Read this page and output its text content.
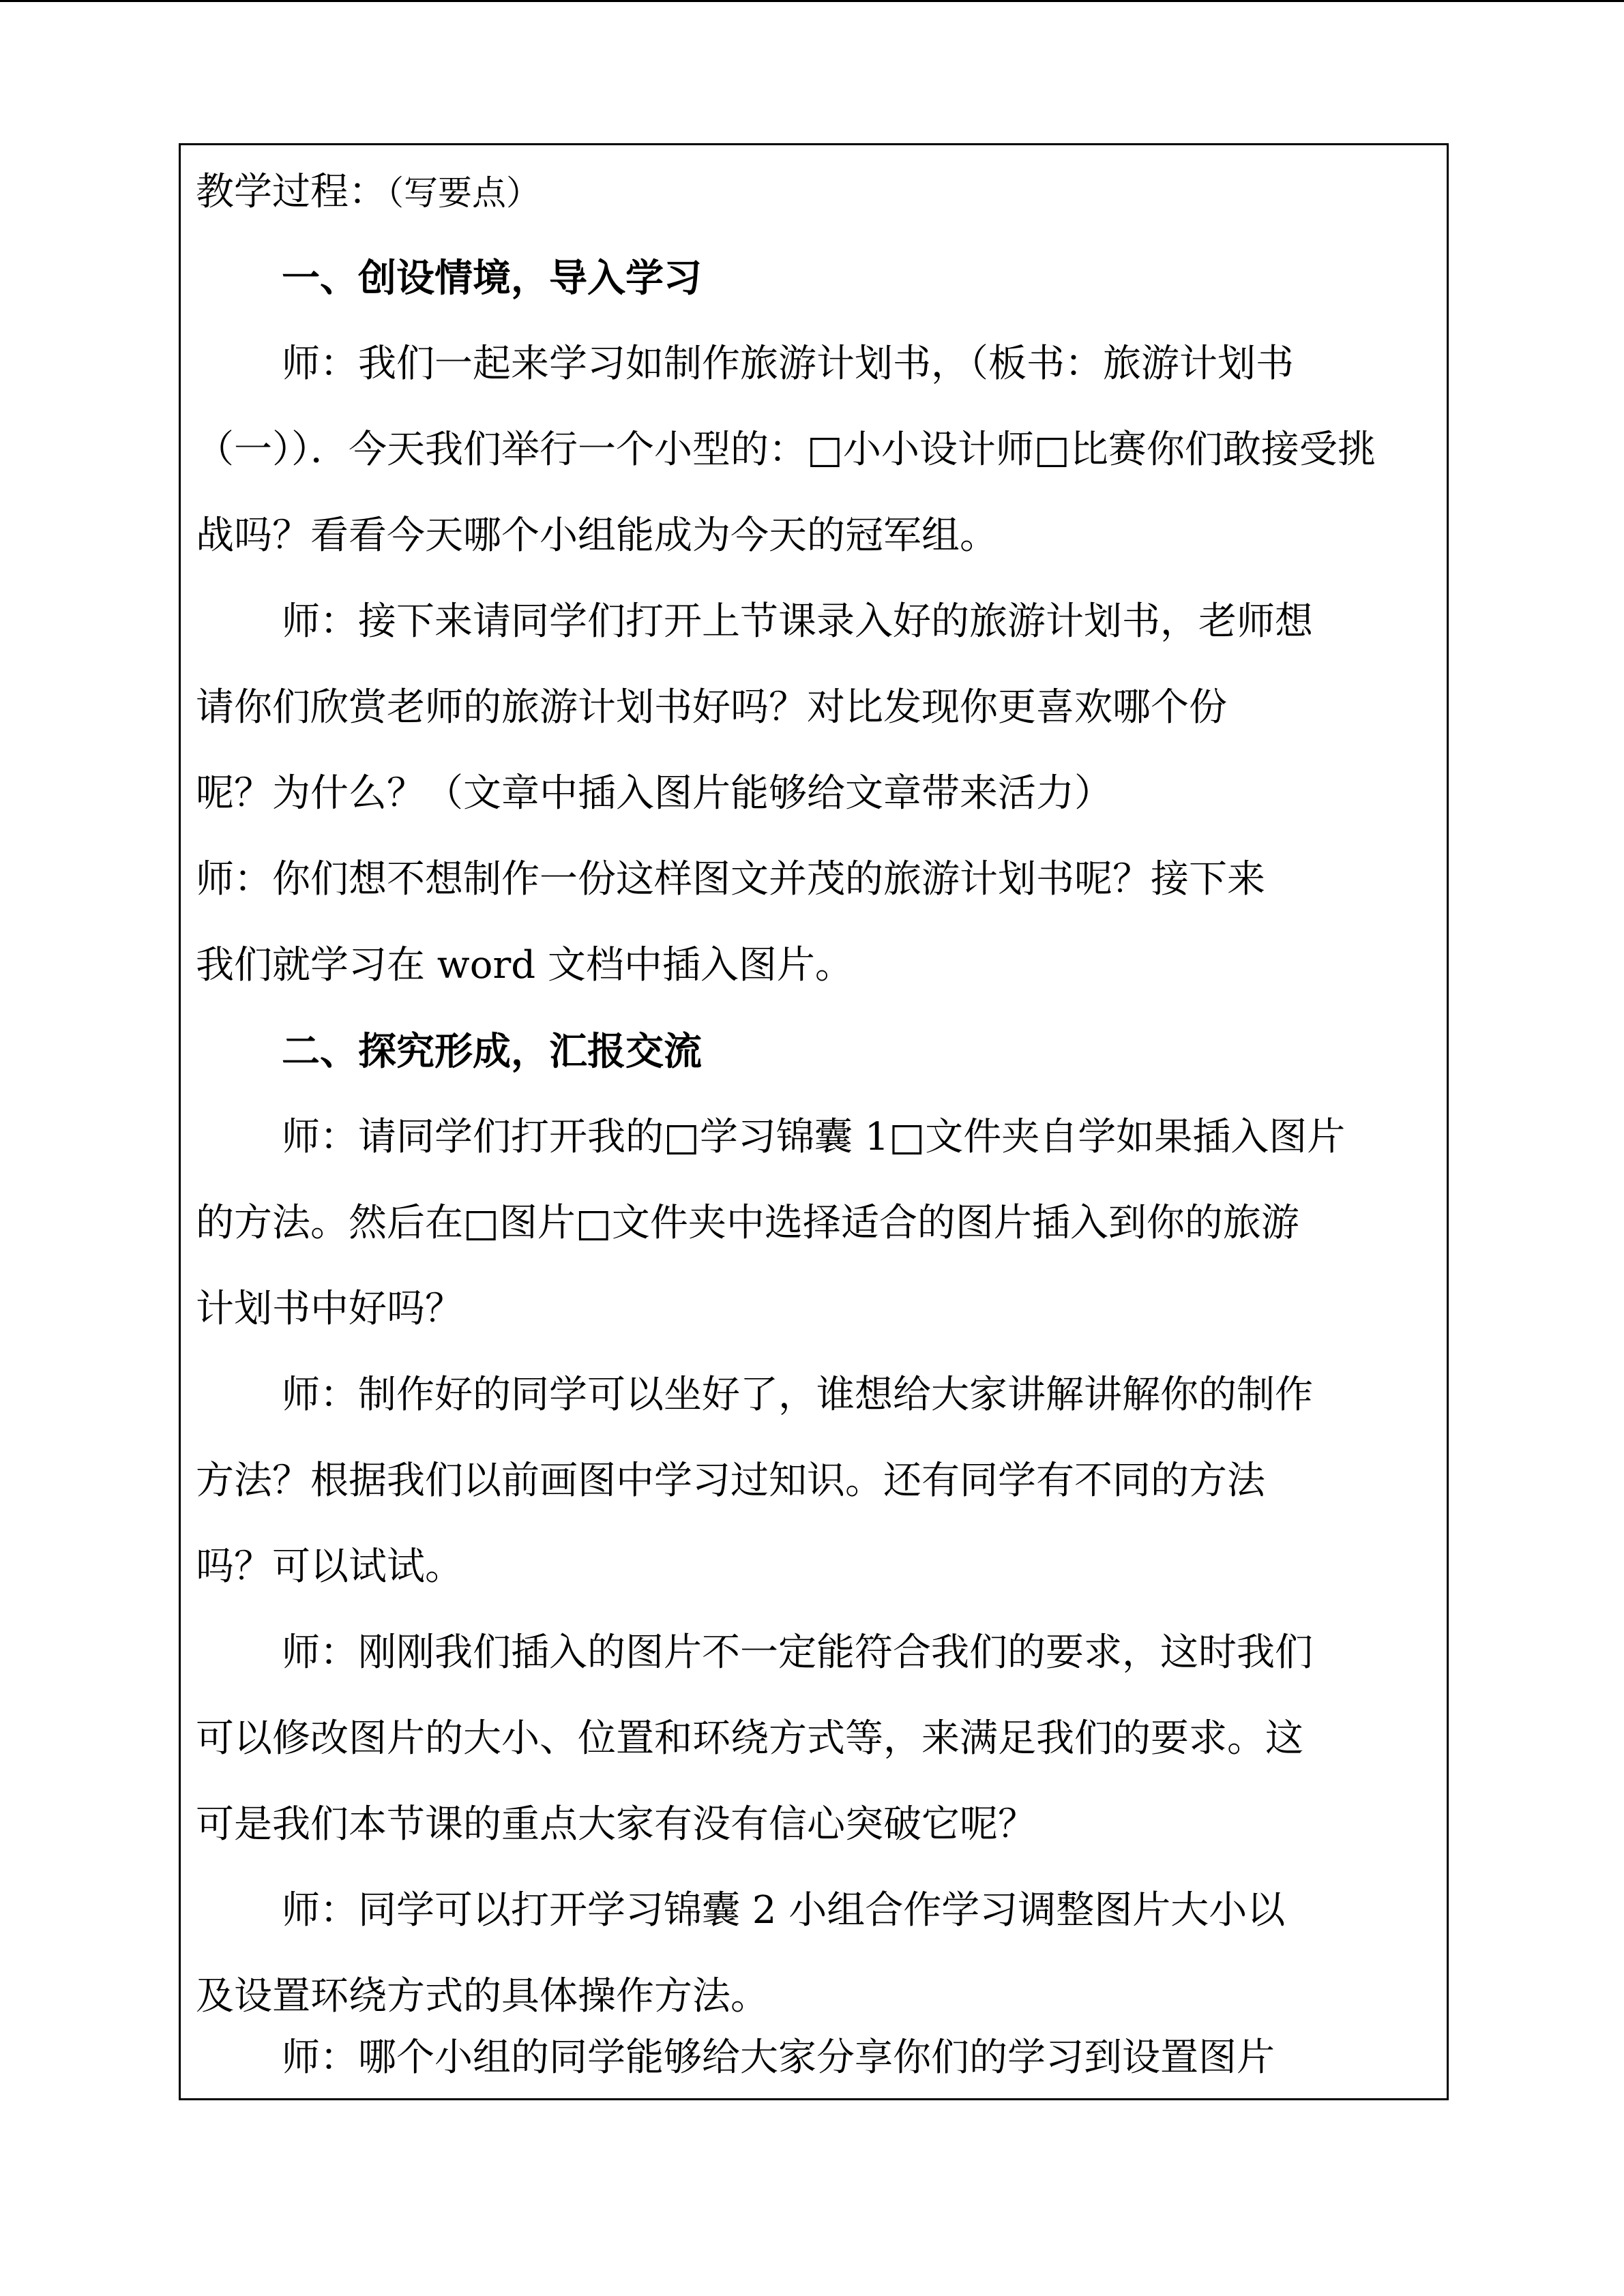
教学过程：（写要点）
一、创设情境，导入学习
师：我们一起来学习如制作旅游计划书，（板书：旅游计划书
（一））．今天我们举行一个小型的：□小小设计师□比赛你们敢接受挑
战吗？看看今天哪个小组能成为今天的冠军组。
师：接下来请同学们打开上节课录入好的旅游计划书，老师想
请你们欣赏老师的旅游计划书好吗？对比发现你更喜欢哪个份
呢？为什么？（文章中插入图片能够给文章带来活力）
师：你们想不想制作一份这样图文并茂的旅游计划书呢？接下来
我们就学习在 word 文档中插入图片。
二、探究形成，汇报交流
师：请同学们打开我的□学习锦囊 1□文件夹自学如果插入图片
的方法。然后在□图片□文件夹中选择适合的图片插入到你的旅游
计划书中好吗？
师：制作好的同学可以坐好了，谁想给大家讲解讲解你的制作
方法？根据我们以前画图中学习过知识。还有同学有不同的方法
吗？可以试试。
师：刚刚我们插入的图片不一定能符合我们的要求，这时我们
可以修改图片的大小、位置和环绕方式等，来满足我们的要求。这
可是我们本节课的重点大家有没有信心突破它呢？
师：同学可以打开学习锦囊 2 小组合作学习调整图片大小以
及设置环绕方式的具体操作方法。
师：哪个小组的同学能够给大家分享你们的学习到设置图片
